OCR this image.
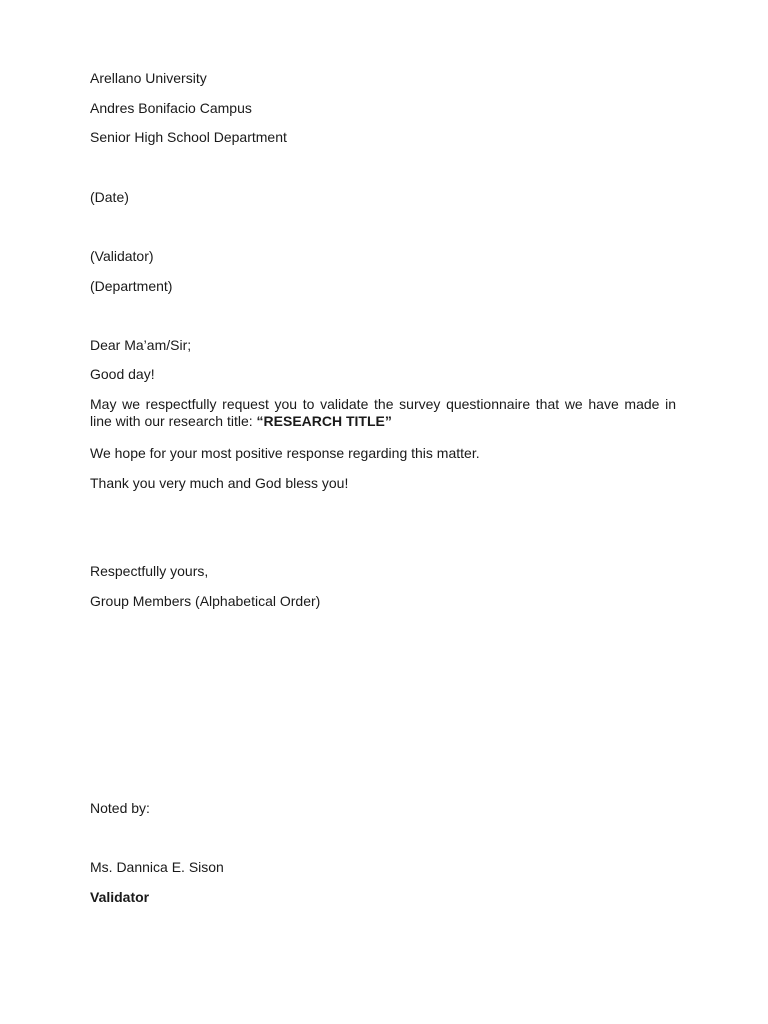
Arellano University
Andres Bonifacio Campus
Senior High School Department
(Date)
(Validator)
(Department)
Dear Ma’am/Sir;
Good day!
May we respectfully request you to validate the survey questionnaire that we have made in line with our research title: “RESEARCH TITLE”
We hope for your most positive response regarding this matter.
Thank you very much and God bless you!
Respectfully yours,
Group Members (Alphabetical Order)
Noted by:
Ms. Dannica E. Sison
Validator
